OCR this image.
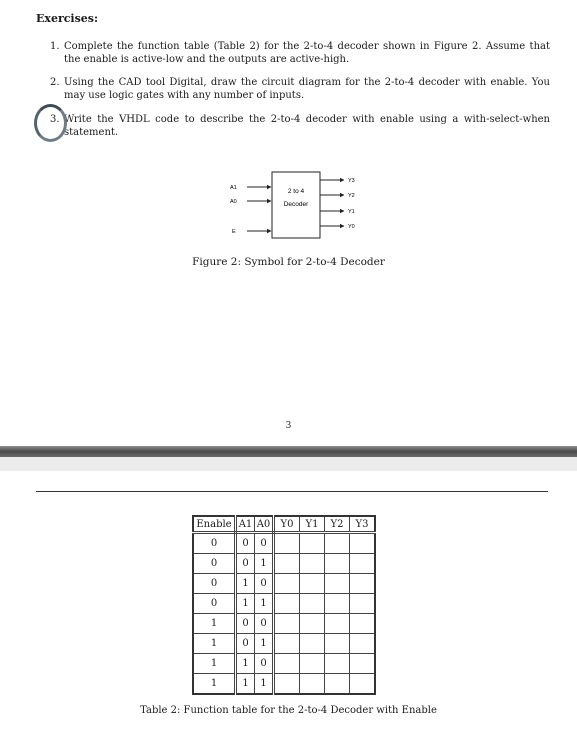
Exercises:
1. Complete the function table (Table 2) for the 2-to-4 decoder shown in Figure 2. Assume that the enable is active-low and the outputs are active-high.
2. Using the CAD tool Digital, draw the circuit diagram for the 2-to-4 decoder with enable. You may use logic gates with any number of inputs.
3. Write the VHDL code to describe the 2-to-4 decoder with enable using a with-select-when statement.
2 to 4
Decoder
A1
A0
E
Y3
Y2
Y1
Y0
Figure 2: Symbol for 2-to-4 Decoder
3
Enable	A1	A0	Y0	Y1	Y2	Y3
0	0	0				
0	0	1				
0	1	0				
0	1	1				
1	0	0				
1	0	1				
1	1	0				
1	1	1				
Table 2: Function table for the 2-to-4 Decoder with Enable
